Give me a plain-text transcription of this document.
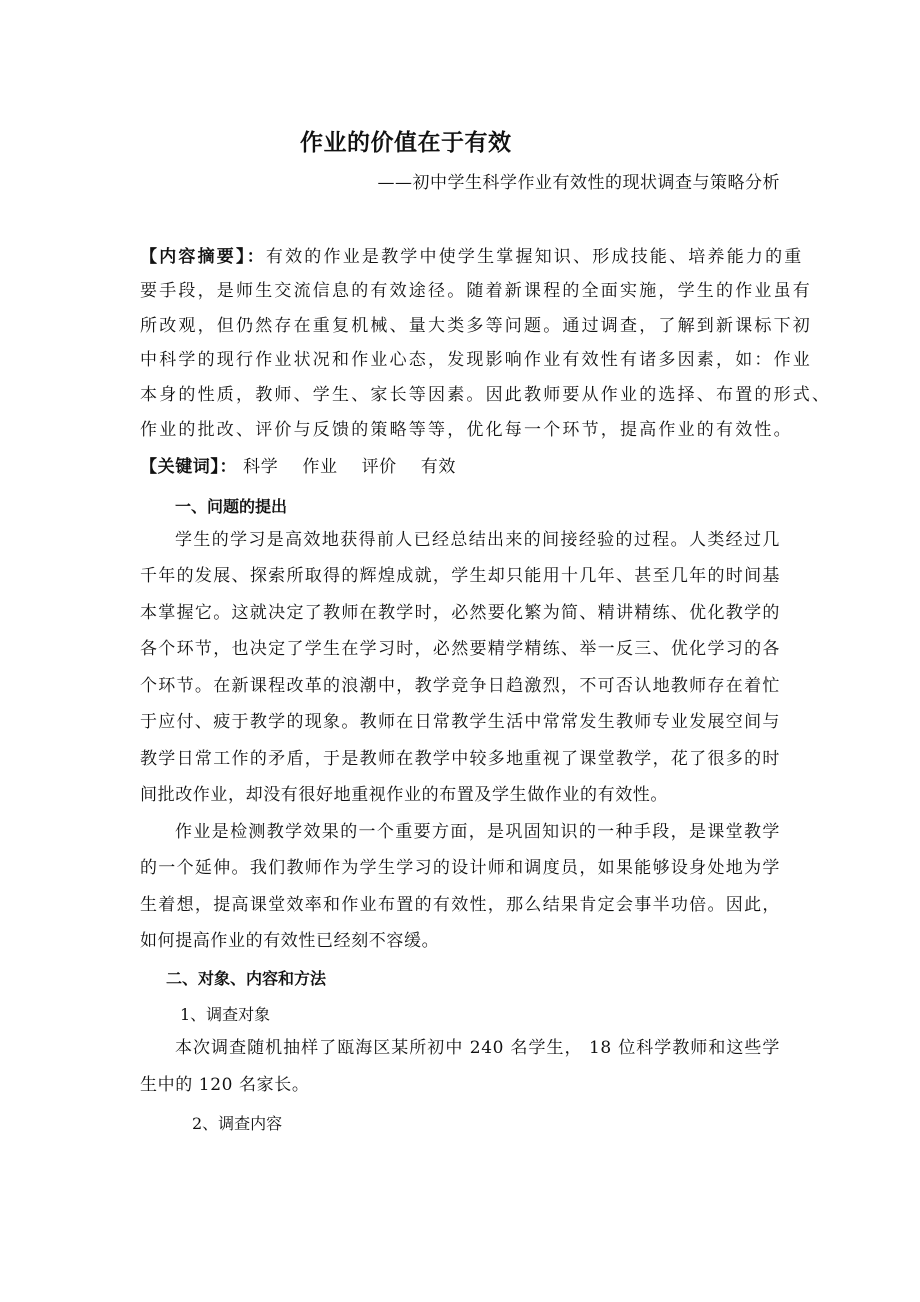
作业的价值在于有效
——初中学生科学作业有效性的现状调查与策略分析
【内容摘要】：有效的作业是教学中使学生掌握知识、形成技能、培养能力的重
要手段，是师生交流信息的有效途径。随着新课程的全面实施，学生的作业虽有
所改观，但仍然存在重复机械、量大类多等问题。通过调查，了解到新课标下初
中科学的现行作业状况和作业心态，发现影响作业有效性有诸多因素，如：作业
本身的性质，教师、学生、家长等因素。因此教师要从作业的选择、布置的形式、
作业的批改、评价与反馈的策略等等，优化每一个环节，提高作业的有效性。
【关键词】： 科学 作业 评价 有效
一、问题的提出
学生的学习是高效地获得前人已经总结出来的间接经验的过程。人类经过几
千年的发展、探索所取得的辉煌成就，学生却只能用十几年、甚至几年的时间基
本掌握它。这就决定了教师在教学时，必然要化繁为简、精讲精练、优化教学的
各个环节，也决定了学生在学习时，必然要精学精练、举一反三、优化学习的各
个环节。在新课程改革的浪潮中，教学竞争日趋激烈，不可否认地教师存在着忙
于应付、疲于教学的现象。教师在日常教学生活中常常发生教师专业发展空间与
教学日常工作的矛盾，于是教师在教学中较多地重视了课堂教学，花了很多的时
间批改作业，却没有很好地重视作业的布置及学生做作业的有效性。
作业是检测教学效果的一个重要方面，是巩固知识的一种手段，是课堂教学
的一个延伸。我们教师作为学生学习的设计师和调度员，如果能够设身处地为学
生着想，提高课堂效率和作业布置的有效性，那么结果肯定会事半功倍。因此，
如何提高作业的有效性已经刻不容缓。
二、对象、内容和方法
1、调查对象
本次调查随机抽样了瓯海区某所初中 240 名学生， 18 位科学教师和这些学
生中的 120 名家长。
2、调查内容
